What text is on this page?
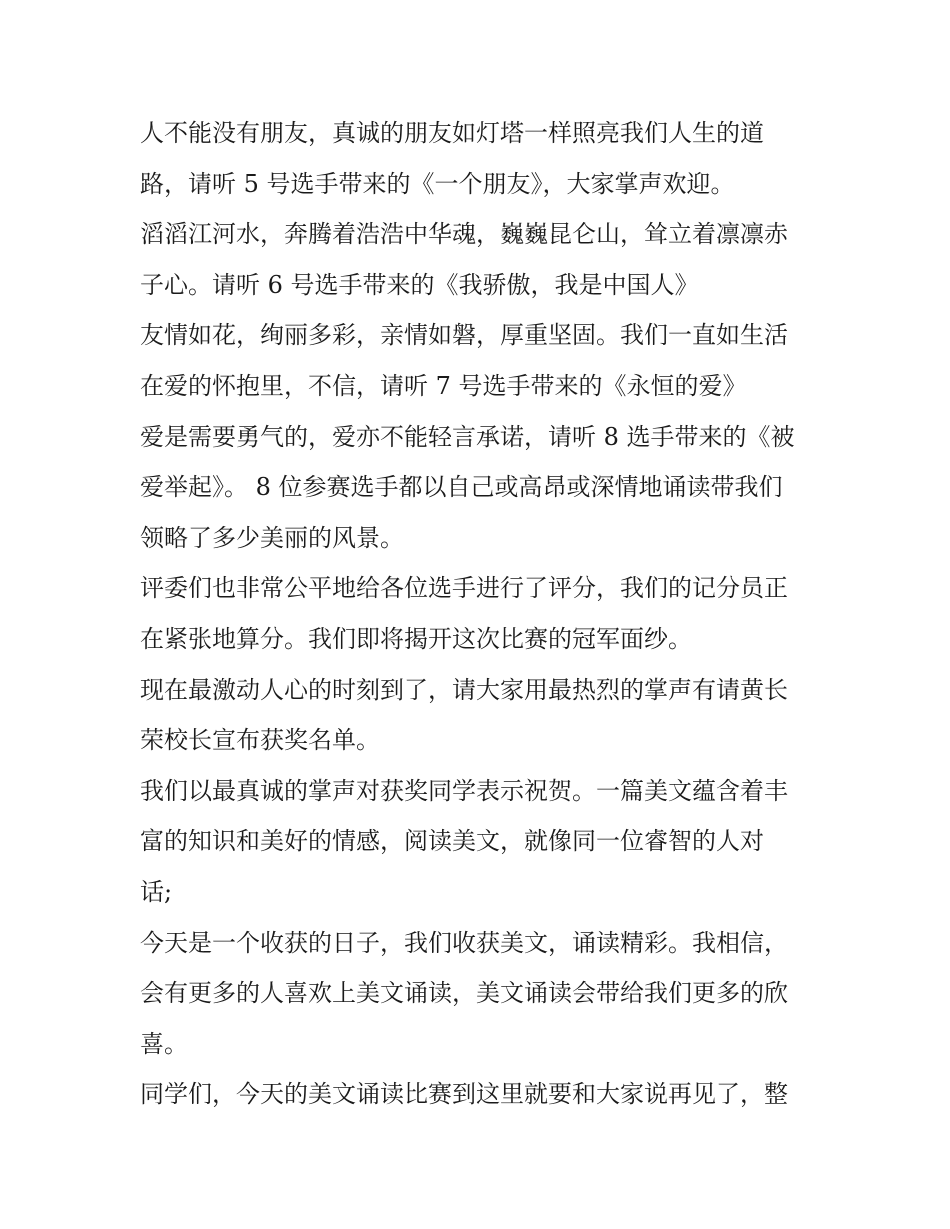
人不能没有朋友，真诚的朋友如灯塔一样照亮我们人生的道

路，请听 5 号选手带来的《一个朋友》，大家掌声欢迎。

滔滔江河水，奔腾着浩浩中华魂，巍巍昆仑山，耸立着凛凛赤

子心。请听 6 号选手带来的《我骄傲，我是中国人》

友情如花，绚丽多彩，亲情如磐，厚重坚固。我们一直如生活

在爱的怀抱里，不信，请听 7 号选手带来的《永恒的爱》

爱是需要勇气的，爱亦不能轻言承诺，请听 8 选手带来的《被

爱举起》。 8 位参赛选手都以自己或高昂或深情地诵读带我们

领略了多少美丽的风景。

评委们也非常公平地给各位选手进行了评分，我们的记分员正

在紧张地算分。我们即将揭开这次比赛的冠军面纱。

现在最激动人心的时刻到了，请大家用最热烈的掌声有请黄长

荣校长宣布获奖名单。

我们以最真诚的掌声对获奖同学表示祝贺。一篇美文蕴含着丰

富的知识和美好的情感，阅读美文，就像同一位睿智的人对

话;

今天是一个收获的日子，我们收获美文，诵读精彩。我相信，

会有更多的人喜欢上美文诵读，美文诵读会带给我们更多的欣

喜。

同学们，今天的美文诵读比赛到这里就要和大家说再见了，整
